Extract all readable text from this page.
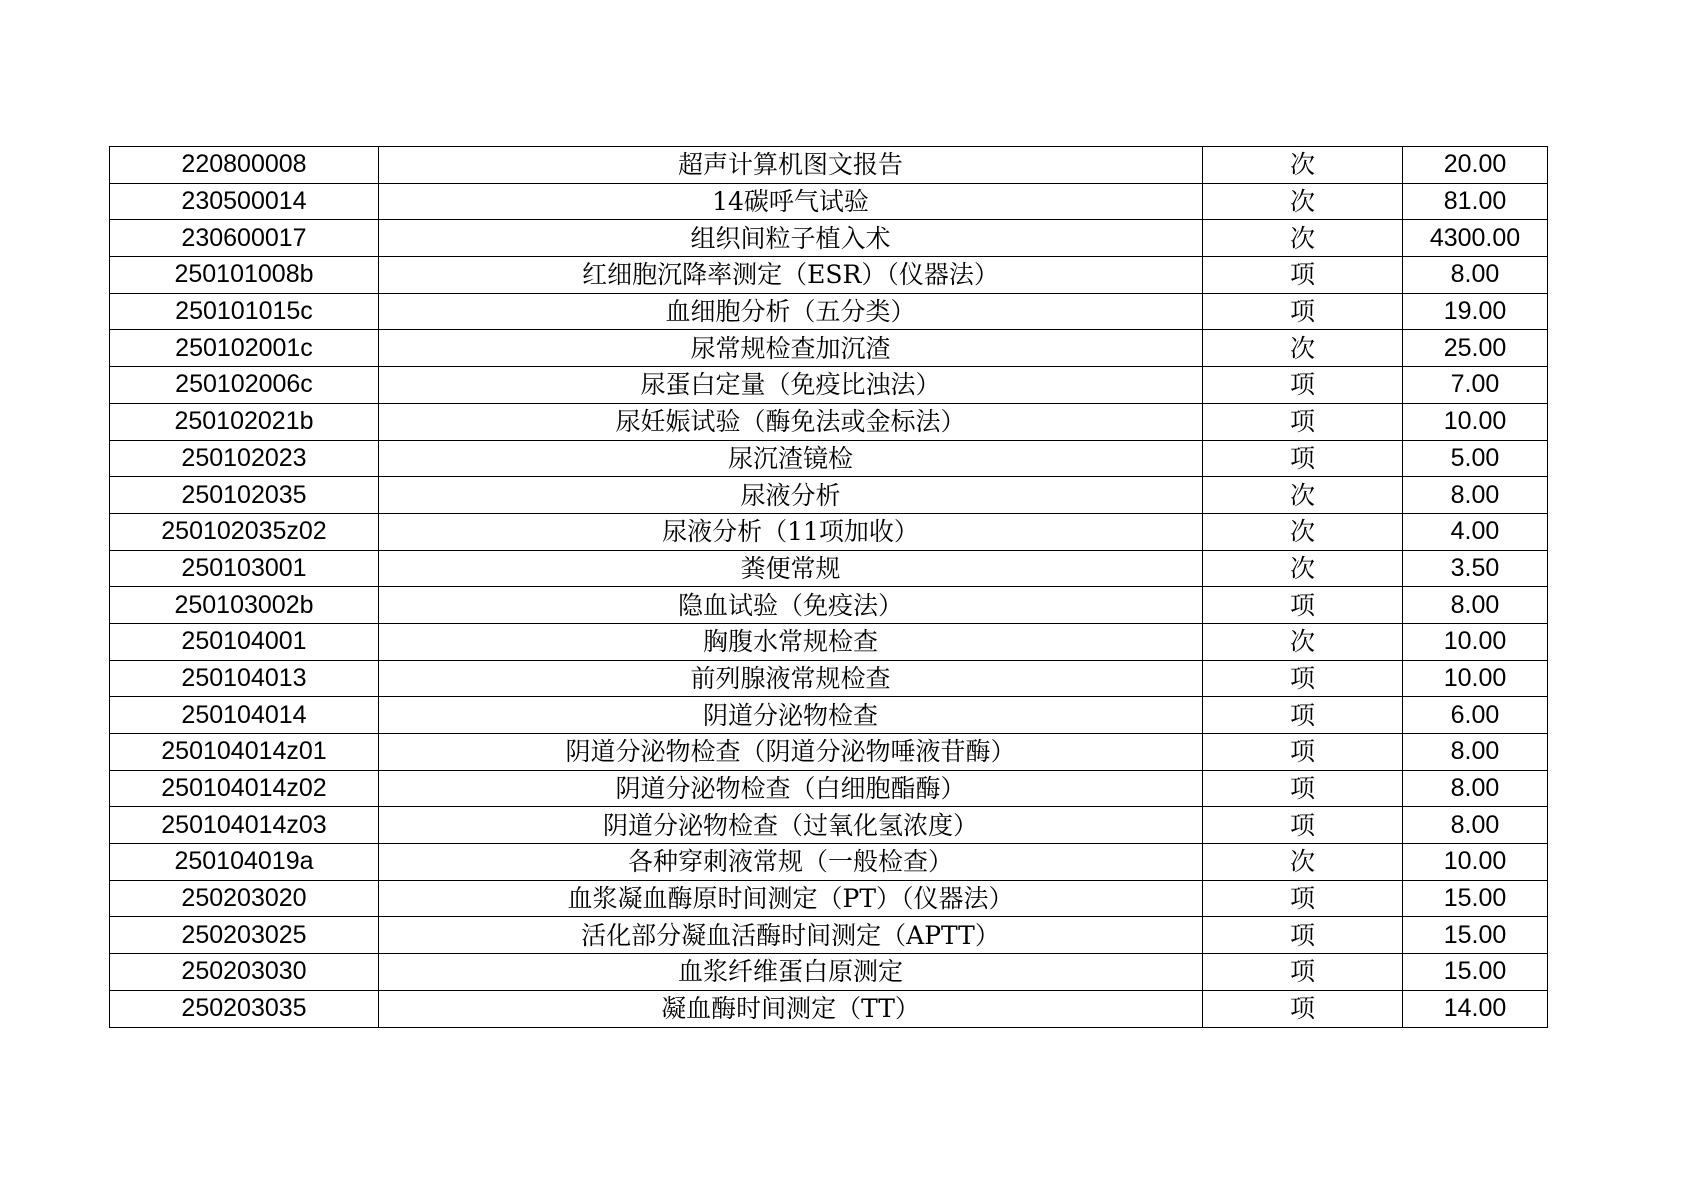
220800008	超声计算机图文报告	次	20.00
230500014	14碳呼气试验	次	81.00
230600017	组织间粒子植入术	次	4300.00
250101008b	红细胞沉降率测定（ESR）（仪器法）	项	8.00
250101015c	血细胞分析（五分类）	项	19.00
250102001c	尿常规检查加沉渣	次	25.00
250102006c	尿蛋白定量（免疫比浊法）	项	7.00
250102021b	尿妊娠试验（酶免法或金标法）	项	10.00
250102023	尿沉渣镜检	项	5.00
250102035	尿液分析	次	8.00
250102035z02	尿液分析（11项加收）	次	4.00
250103001	粪便常规	次	3.50
250103002b	隐血试验（免疫法）	项	8.00
250104001	胸腹水常规检查	次	10.00
250104013	前列腺液常规检查	项	10.00
250104014	阴道分泌物检查	项	6.00
250104014z01	阴道分泌物检查（阴道分泌物唾液苷酶）	项	8.00
250104014z02	阴道分泌物检查（白细胞酯酶）	项	8.00
250104014z03	阴道分泌物检查（过氧化氢浓度）	项	8.00
250104019a	各种穿刺液常规（一般检查）	次	10.00
250203020	血浆凝血酶原时间测定（PT）（仪器法）	项	15.00
250203025	活化部分凝血活酶时间测定（APTT）	项	15.00
250203030	血浆纤维蛋白原测定	项	15.00
250203035	凝血酶时间测定（TT）	项	14.00
